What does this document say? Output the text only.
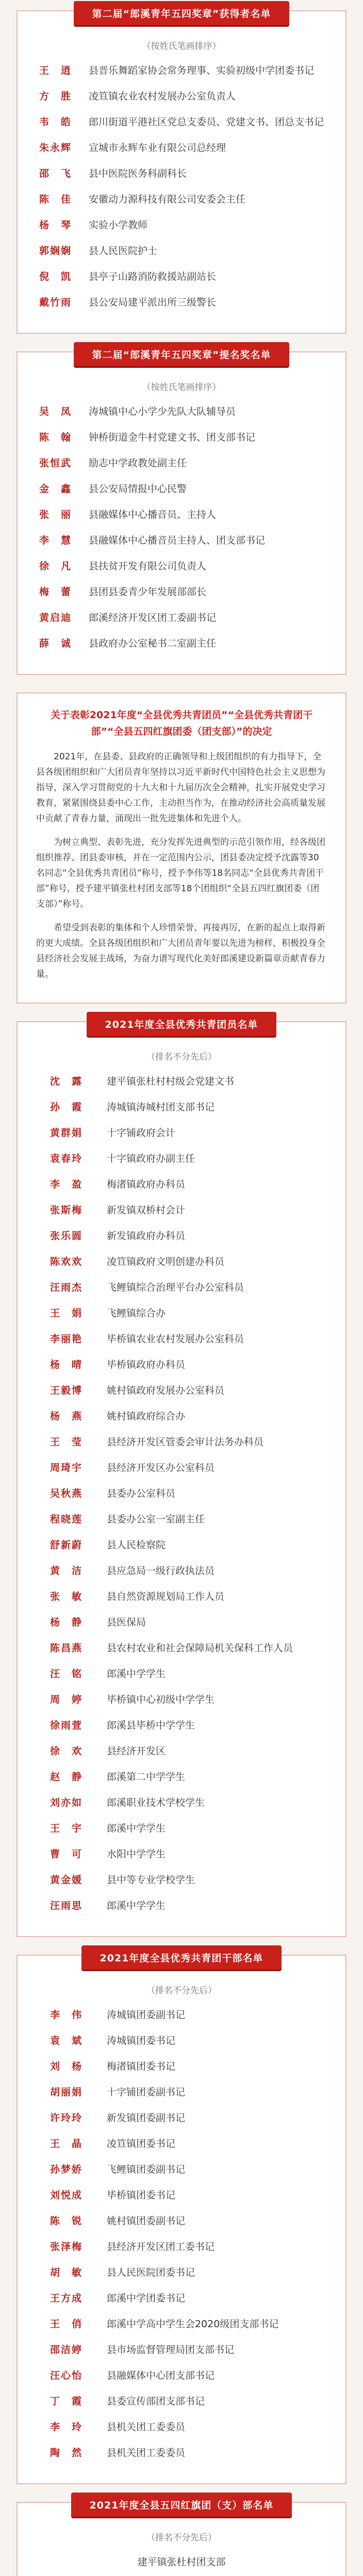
第二届“郎溪青年五四奖章”获得者名单
（按姓氏笔画排序）
王　逍	县晋乐舞蹈家协会常务理事、实验初级中学团委书记
方　胜	凌笪镇农业农村发展办公室负责人
韦　皓	郎川街道平港社区党总支委员、党建文书、团总支书记
朱永辉	宣城市永辉车业有限公司总经理
邵　飞	县中医院医务科副科长
陈　佳	安徽动力源科技有限公司安委会主任
杨　琴	实验小学教师
郭娴娴	县人民医院护士
倪　凯	县亭子山路消防救援站副站长
戴竹雨	县公安局建平派出所三级警长
第二届“郎溪青年五四奖章”提名奖名单
（按姓氏笔画排序）
吴　凤	涛城镇中心小学少先队大队辅导员
陈　翰	钟桥街道金牛村党建文书、团支部书记
张恒武	励志中学政教处副主任
金　鑫	县公安局情报中心民警
张　丽	县融媒体中心播音员、主持人
李　慧	县融媒体中心播音员主持人、团支部书记
徐　凡	县扶贫开发有限公司负责人
梅　蕾	县团县委青少年发展部部长
黄启迪	郎溪经济开发区团工委副书记
薛　诚	县政府办公室秘书二室副主任
关于表彰2021年度“全县优秀共青团员”“全县优秀共青团干部”“全县五四红旗团委（团支部）”的决定

2021年，在县委、县政府的正确领导和上级团组织的有力指导下，全县各级团组织和广大团员青年坚持以习近平新时代中国特色社会主义思想为指导，深入学习贯彻党的十九大和十九届历次全会精神，扎实开展党史学习教育，紧紧围绕县委中心工作，主动担当作为，在推动经济社会高质量发展中贡献了青春力量，涌现出一批先进集体和先进个人。

为树立典型、表彰先进，充分发挥先进典型的示范引领作用，经各级团组织推荐、团县委审核，并在一定范围内公示，团县委决定授予沈露等30名同志“全县优秀共青团员”称号，授予李伟等18名同志“全县优秀共青团干部”称号，授予建平镇张杜村团支部等18个团组织“全县五四红旗团委（团支部）”称号。

希望受到表彰的集体和个人珍惜荣誉、再接再厉，在新的起点上取得新的更大成绩。全县各级团组织和广大团员青年要以先进为榜样，积极投身全县经济社会发展主战场，为奋力谱写现代化美好郎溪建设新篇章贡献青春力量。

2021年度全县优秀共青团员名单
（排名不分先后）
沈　露	建平镇张杜村村级会党建文书
孙　霞	涛城镇涛城村团支部书记
黄群娟	十字铺政府会计
袁春玲	十字镇政府办副主任
李　盈	梅渚镇政府办科员
张斯梅	新发镇双桥村会计
张乐圆	新发镇政府办科员
陈欢欢	凌笪镇政府文明创建办科员
汪雨杰	飞鲤镇综合治理平台办公室科员
王　娟	飞鲤镇综合办
李丽艳	毕桥镇农业农村发展办公室科员
杨　晴	毕桥镇政府办科员
王毅博	姚村镇政府发展办公室科员
杨　燕	姚村镇政府综合办
王　莹	县经济开发区管委会审计法务办科员
周琦宇	县经济开发区办公室科员
吴秋燕	县委办公室科员
程晓莲	县委办公室一室副主任
舒新蔚	县人民检察院
黄　洁	县应急局一级行政执法员
张　敏	县自然资源规划局工作人员
杨　静	县医保局
陈昌燕	县农村农业和社会保障局机关保科工作人员
汪　铭	郎溪中学学生
周　婷	毕桥镇中心初级中学学生
徐雨萱	郎溪县毕桥中学学生
徐　欢	县经济开发区
赵　静	郎溪第二中学学生
刘亦如	郎溪职业技术学校学生
王　宇	郎溪中学学生
曹　可	水阳中学学生
黄金媛	县中等专业学校学生
汪雨思	郎溪中学学生
2021年度全县优秀共青团干部名单
（排名不分先后）
李　伟	涛城镇团委副书记
袁　斌	涛城镇团委书记
刘　杨	梅渚镇团委书记
胡丽娟	十字铺团委副书记
许玲玲	新发镇团委副书记
王　晶	凌笪镇团委书记
孙梦娇	飞鲤镇团委副书记
刘悦成	毕桥镇团委书记
陈　锐	姚村镇团委副书记
张泽梅	县经济开发区团工委书记
胡　敏	县人民医院团委书记
王方成	郎溪中学团委书记
王　俏	郎溪中学高中学生会2020级团支部书记
邵洁婷	县市场监督管理局团支部书记
汪心怡	县融媒体中心团支部书记
丁　霞	县委宣传部团支部书记
李　玲	县机关团工委委员
陶　然	县机关团工委委员
2021年度全县五四红旗团（支）部名单
（排名不分先后）
建平镇张杜村团支部
